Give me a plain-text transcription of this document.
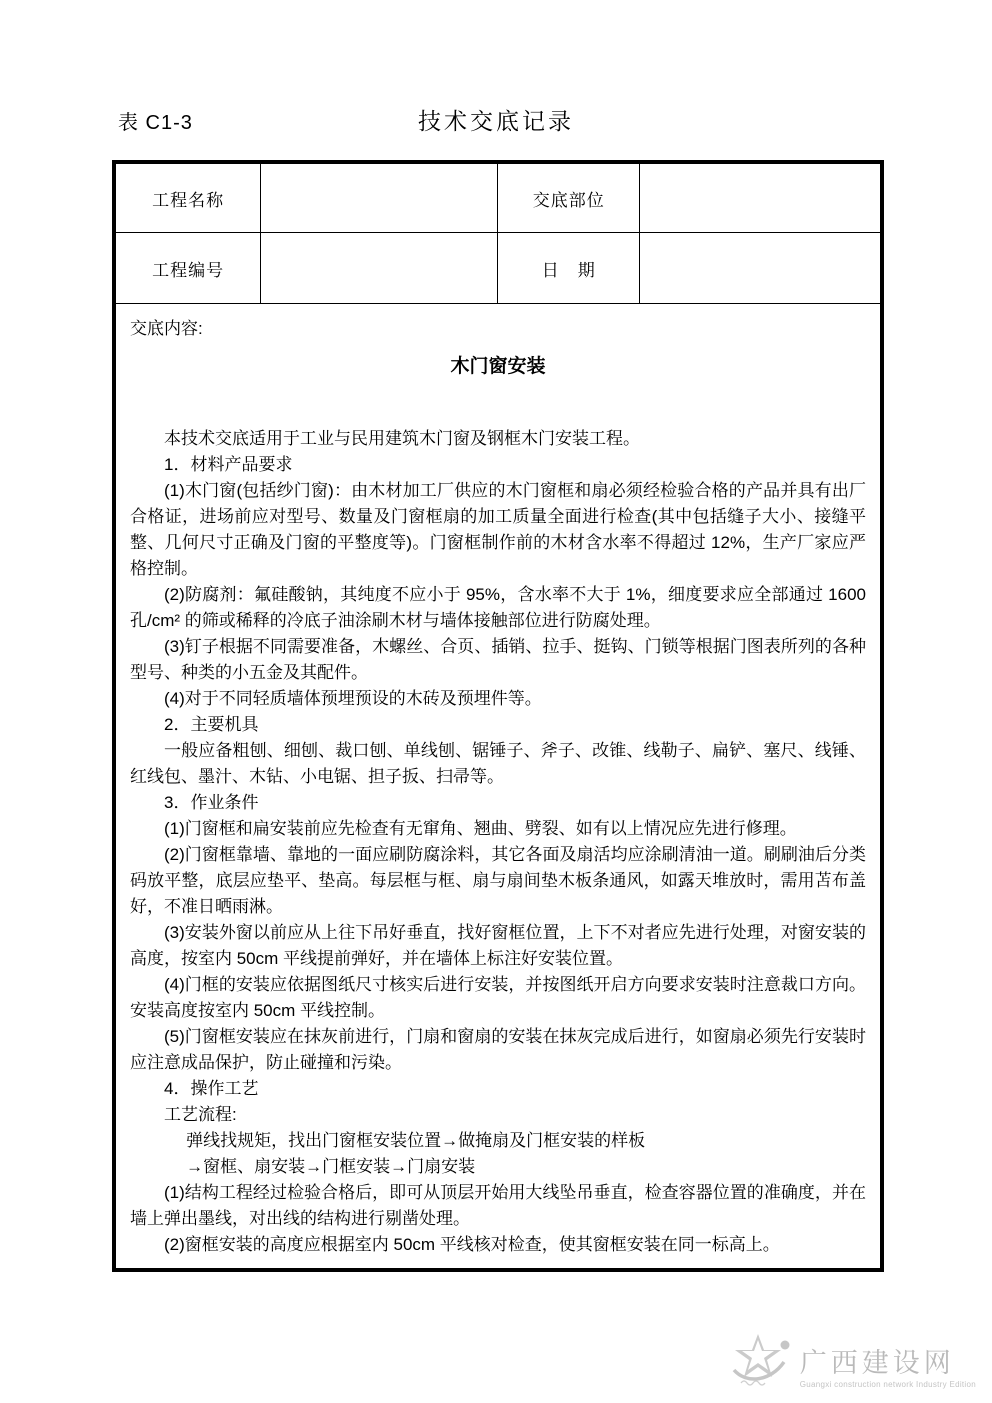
表 C1-3	技术交底记录
工程名称		交底部位	
工程编号		日　期	

交底内容:
木门窗安装

本技术交底适用于工业与民用建筑木门窗及钢框木门安装工程。

1．材料产品要求

(1)木门窗(包括纱门窗)：由木材加工厂供应的木门窗框和扇必须经检验合格的产品并具有出厂合格证，进场前应对型号、数量及门窗框扇的加工质量全面进行检查(其中包括缝子大小、接缝平整、几何尺寸正确及门窗的平整度等)。门窗框制作前的木材含水率不得超过 12%，生产厂家应严格控制。

(2)防腐剂：氟硅酸钠，其纯度不应小于 95%，含水率不大于 1%，细度要求应全部通过 1600 孔/cm² 的筛或稀释的冷底子油涂刷木材与墙体接触部位进行防腐处理。

(3)钉子根据不同需要准备，木螺丝、合页、插销、拉手、挺钩、门锁等根据门图表所列的各种型号、种类的小五金及其配件。

(4)对于不同轻质墙体预埋预设的木砖及预埋件等。

2．主要机具

一般应备粗刨、细刨、裁口刨、单线刨、锯锤子、斧子、改锥、线勒子、扁铲、塞尺、线锤、红线包、墨汁、木钻、小电锯、担子扳、扫帚等。

3．作业条件

(1)门窗框和扁安装前应先检查有无窜角、翘曲、劈裂、如有以上情况应先进行修理。

(2)门窗框靠墙、靠地的一面应刷防腐涂料，其它各面及扇活均应涂刷清油一道。刷刷油后分类码放平整，底层应垫平、垫高。每层框与框、扇与扇间垫木板条通风，如露天堆放时，需用苫布盖好，不准日晒雨淋。

(3)安装外窗以前应从上往下吊好垂直，找好窗框位置，上下不对者应先进行处理，对窗安装的高度，按室内 50cm 平线提前弹好，并在墙体上标注好安装位置。

(4)门框的安装应依据图纸尺寸核实后进行安装，并按图纸开启方向要求安装时注意裁口方向。安装高度按室内 50cm 平线控制。

(5)门窗框安装应在抹灰前进行，门扇和窗扇的安装在抹灰完成后进行，如窗扇必须先行安装时应注意成品保护，防止碰撞和污染。

4．操作工艺

工艺流程:

弹线找规矩，找出门窗框安装位置→做掩扇及门框安装的样板

→窗框、扇安装→门框安装→门扇安装

(1)结构工程经过检验合格后，即可从顶层开始用大线坠吊垂直，检查容器位置的准确度，并在墙上弹出墨线，对出线的结构进行剔凿处理。

(2)窗框安装的高度应根据室内 50cm 平线核对检查，使其窗框安装在同一标高上。

广西建设网
Guangxi construction network Industry Edition
